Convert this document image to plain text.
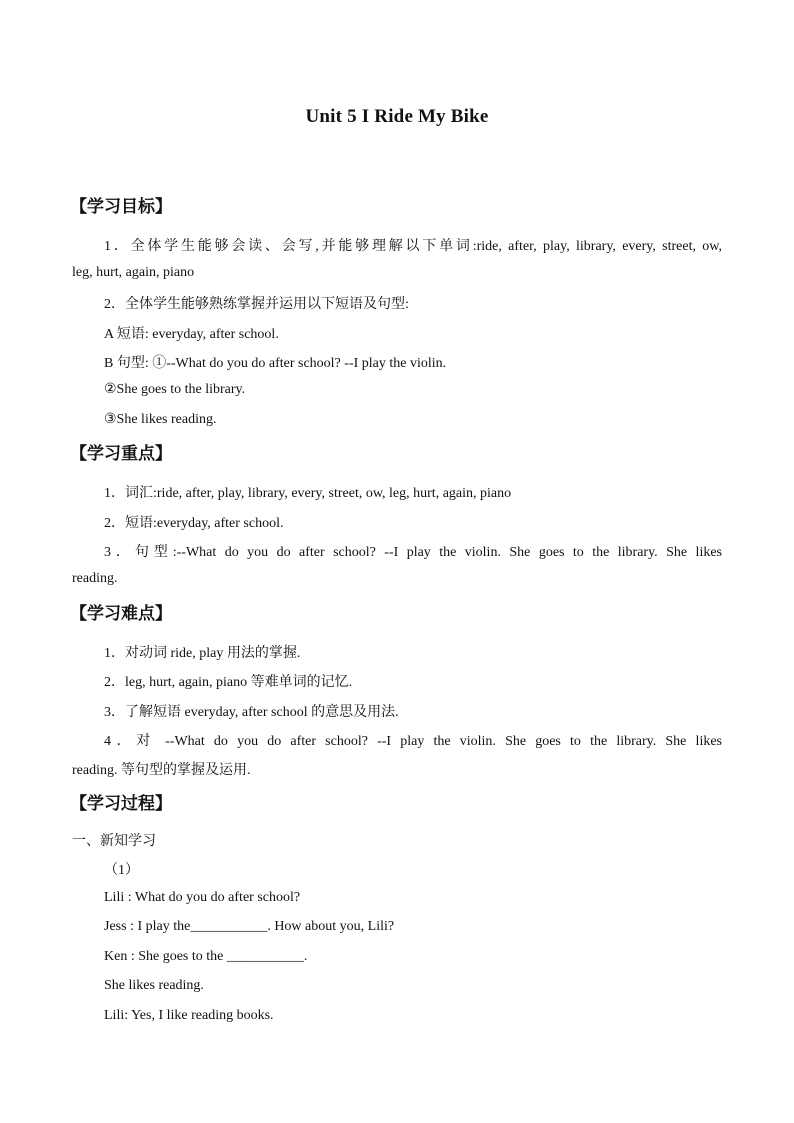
Unit 5 I Ride My Bike
【学习目标】
1．全体学生能够会读、会写,并能够理解以下单词:ride, after, play, library, every, street, ow,
leg, hurt, again, piano
2．全体学生能够熟练掌握并运用以下短语及句型:
A 短语: everyday, after school.
B 句型: ①--What do you do after school? --I play the violin.
②She goes to the library.
③She likes reading.
【学习重点】
1．词汇:ride, after, play, library, every, street, ow, leg, hurt, again, piano
2．短语:everyday, after school.
3．句型:--What do you do after school? --I play the violin. She goes to the library. She likes
reading.
【学习难点】
1．对动词 ride, play 用法的掌握.
2．leg, hurt, again, piano 等难单词的记忆.
3．了解短语 everyday, after school 的意思及用法.
4．对 --What do you do after school? --I play the violin. She goes to the library. She likes
reading. 等句型的掌握及运用.
【学习过程】
一、新知学习
（1）
Lili : What do you do after school?
Jess : I play the___________. How about you, Lili?
Ken : She goes to the ___________.
She likes reading.
Lili: Yes, I like reading books.
